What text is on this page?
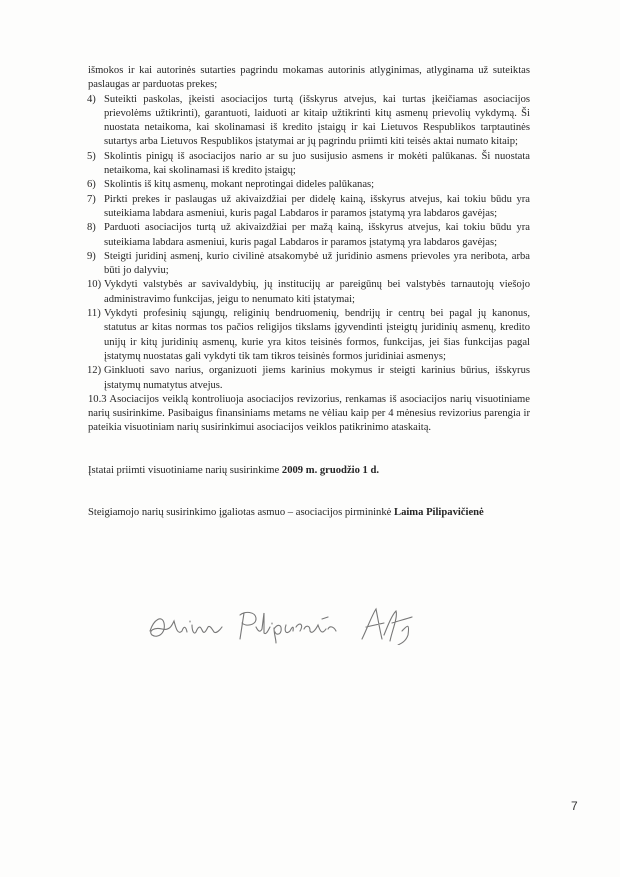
išmokos ir kai autorinės sutarties pagrindu mokamas autorinis atlyginimas, atlyginama už suteiktas paslaugas ar parduotas prekes;

4) Suteikti paskolas, įkeisti asociacijos turtą (išskyrus atvejus, kai turtas įkeičiamas asociacijos prievolėms užtikrinti), garantuoti, laiduoti ar kitaip užtikrinti kitų asmenų prievolių vykdymą. Ši nuostata netaikoma, kai skolinamasi iš kredito įstaigų ir kai Lietuvos Respublikos tarptautinės sutartys arba Lietuvos Respublikos įstatymai ar jų pagrindu priimti kiti teisės aktai numato kitaip;

5) Skolintis pinigų iš asociacijos nario ar su juo susijusio asmens ir mokėti palūkanas. Ši nuostata netaikoma, kai skolinamasi iš kredito įstaigų;

6) Skolintis iš kitų asmenų, mokant neprotingai dideles palūkanas;

7) Pirkti prekes ir paslaugas už akivaizdžiai per didelę kainą, išskyrus atvejus, kai tokiu būdu yra suteikiama labdara asmeniui, kuris pagal Labdaros ir paramos įstatymą yra labdaros gavėjas;

8) Parduoti asociacijos turtą už akivaizdžiai per mažą kainą, išskyrus atvejus, kai tokiu būdu yra suteikiama labdara asmeniui, kuris pagal Labdaros ir paramos įstatymą yra labdaros gavėjas;

9) Steigti juridinį asmenį, kurio civilinė atsakomybė už juridinio asmens prievoles yra neribota, arba būti jo dalyviu;

10) Vykdyti valstybės ar savivaldybių, jų institucijų ar pareigūnų bei valstybės tarnautojų viešojo administravimo funkcijas, jeigu to nenumato kiti įstatymai;

11) Vykdyti profesinių sąjungų, religinių bendruomenių, bendrijų ir centrų bei pagal jų kanonus, statutus ar kitas normas tos pačios religijos tikslams įgyvendinti įsteigtų juridinių asmenų, kredito unijų ir kitų juridinių asmenų, kurie yra kitos teisinės formos, funkcijas, jei šias funkcijas pagal įstatymų nuostatas gali vykdyti tik tam tikros teisinės formos juridiniai asmenys;

12) Ginkluoti savo narius, organizuoti jiems karinius mokymus ir steigti karinius būrius, išskyrus įstatymų numatytus atvejus.

10.3 Asociacijos veiklą kontroliuoja asociacijos revizorius, renkamas iš asociacijos narių visuotiniame narių susirinkime. Pasibaigus finansiniams metams ne vėliau kaip per 4 mėnesius revizorius parengia ir pateikia visuotiniam narių susirinkimui asociacijos veiklos patikrinimo ataskaitą.

Įstatai priimti visuotiniame narių susirinkime 2009 m. gruodžio 1 d.

Steigiamojo narių susirinkimo įgaliotas asmuo – asociacijos pirmininkė Laima Pilipavičienė

7
